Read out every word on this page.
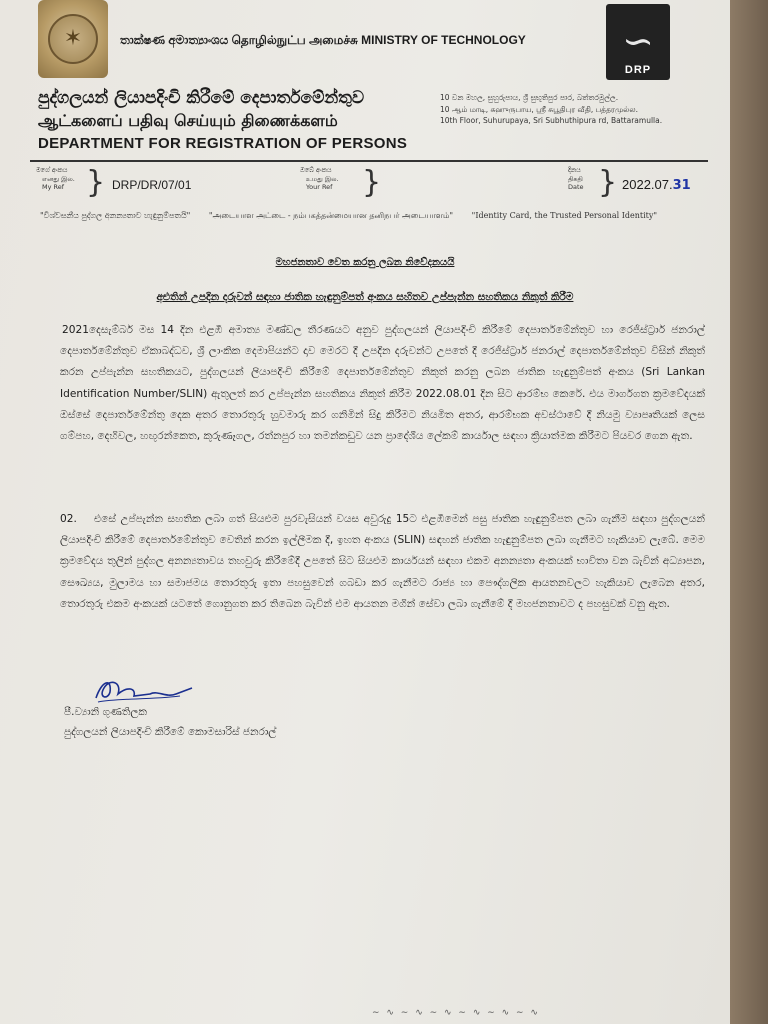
✶	තාක්ෂණ අමාත්‍යාංශය தொழில்நுட்ப அமைச்சு MINISTRY OF TECHNOLOGY	∽
DRP
පුද්ගලයන් ලියාපදිංචි කිරීමේ දෙපාර්තමේන්තුව
ஆட்களைப் பதிவு செய்யும் திணைக்களம்
DEPARTMENT FOR REGISTRATION OF PERSONS
10 වන මහල, සුහුරුපාය, ශ්‍රී සුභූතිපුර පාර, බත්තරමුල්ල.
10 ஆம் மாடி, சுஹுருபாய, ஸ்ரீ சுபூதிபுர வீதி, பத்தரமுல்ல.
10th Floor, Suhurupaya, Sri Subhuthipura rd, Battaramulla.
මගේ අංකය
எனது இல.
My Ref } DRP/DR/07/01
ඔබේ අංකය
உமது இல.
Your Ref }	දිනය
திகதி
Date } 2022.07.31
"විශ්වසනීය පුද්ගල අනන්‍යතාව හැඳුනුම්පතයි" "அடையாள அட்டை - நம்பகத்தன்மையான தனிநபர் அடையாளம்" "Identity Card, the Trusted Personal Identity"
මහජනතාව වෙත කරනු ලබන නිවේදනයයි
අළුතින් උපදින දරුවන් සඳහා ජාතික හැඳුනුම්පත් අංකය සහිතව උප්පැන්න සහතිකය නිකුත් කිරීම

2021දෙසැම්බර් මස 14 දින එළඹී අමාත්‍ය මණ්ඩල තීරණයට අනුව පුද්ගලයන් ලියාපදිංචි කිරීමේ දෙපාර්තමේන්තුව හා රෙජිස්ට්‍රාර් ජනරාල් දෙපාර්තමේන්තුව ඒකාබද්ධව, ශ්‍රී ලාංකික දෙමාපියන්ට දාව මෙරට දී උපදින දරුවන්ට උපතේ දී රෙජිස්ට්‍රාර් ජනරාල් දෙපාර්තමේන්තුව විසින් නිකුත් කරන උප්පැන්න සහතිකයට, පුද්ගලයන් ලියාපදිංචි කිරීමේ දෙපාර්තමේන්තුව නිකුත් කරනු ලබන ජාතික හැඳුනුම්පත් අංකය (Sri Lankan Identification Number/SLIN) ඇතුලත් කර උප්පැන්න සහතිකය නිකුත් කිරීම 2022.08.01 දින සිට ආරම්භ කෙරේ. එය මාර්ගගත ක්‍රමවේදයක් ඔස්සේ දෙපාර්තමේන්තු දෙක අතර තොරතුරු හුවමාරු කර ගනිමින් සිදු කිරීමට නියමිත අතර, ආරම්භක අවස්ථාවේ දී නියමු ව්‍යාපෘතියක් ලෙස ගම්පහ, දෙහිවල, හඟුරන්කෙත, කුරුණෑගල, රත්නපුර හා තමන්කඩුව යන ප්‍රාදේශීය ලේකම් කාර්යාල සඳහා ක්‍රියාත්මක කිරීමට පියවර ගෙන ඇත.

02. එසේ උප්පැන්න සහතික ලබා ගත් සියළුම පුරවැසියන් වයස අවුරුදු 15ට එළඹීමෙන් පසු ජාතික හැඳුනුම්පත ලබා ගැනීම සඳහා පුද්ගලයන් ලියාපදිංචි කිරීමේ දෙපාර්තමේන්තුව වෙතින් කරන ඉල්ලීමක දී, ඉහත අංකය (SLIN) සඳහන් ජාතික හැඳුනුම්පත ලබා ගැනීමට හැකියාව ලැබේ. මෙම ක්‍රමවේදය තුලින් පුද්ගල අනන්‍යතාවය තහවුරු කිරීමේදී උපතේ සිට සියළුම කාර්යයන් සඳහා එකම අනන්‍යතා අංකයක් භාවිතා වන බැවින් අධ්‍යාපන, සෞඛ්‍යය, මුලාමය හා සමාජමය තොරතුරු ඉතා පහසුවෙන් ගබඩා කර ගැනීමට රාජ්‍ය හා පෞද්ගලික ආයතනවලට හැකියාව ලැබෙන අතර, තොරතුරු එකම අංකයක් යටතේ ගොනුගත කර තිබෙන බැවින් එම ආයතන මගින් සේවා ලබා ගැනීමේ දී මහජනතාවට ද පහසුවක් වනු ඇත.

පී.ව්‍යානි ගුණතිලක
පුද්ගලයන් ලියාපදිංචි කිරීමේ කොමසාරිස් ජනරාල්
∼ ∿ ∼ ∿ ∼ ∿ ∼ ∿ ∼ ∿ ∼ ∿
